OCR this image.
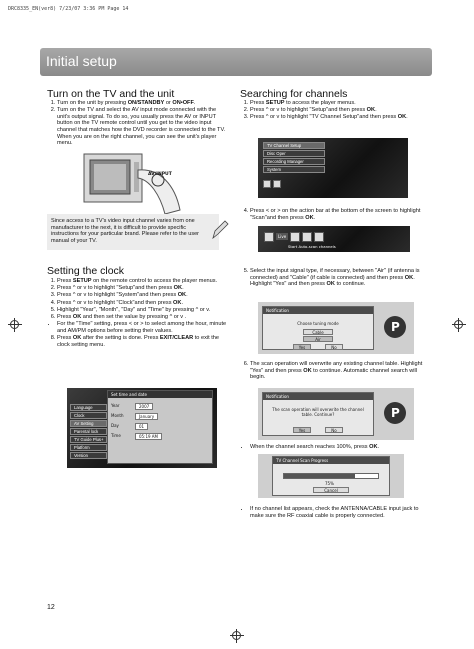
DRC8335_EN(ver8) 7/23/07 3:36 PM Page 14
Initial setup
Turn on the TV and the unit
1. Turn on the unit by pressing ON/STANDBY or ON•OFF.
2. Turn on the TV and select the AV input mode connected with the unit's output signal. To do so, you usually press the AV or INPUT button on the TV remote control until you get to the video input channel that matches how the DVD recorder is connected to the TV. When you are on the right channel, you can see the unit's player menu.
AV/INPUT
Since access to a TV's video input channel varies from one manufacturer to the next, it is difficult to provide specific instructions for your particular brand. Please refer to the user manual of your TV.
Setting the clock
1. Press SETUP on the remote control to access the player menus.
2. Press ^ or v to highlight "Setup"and then press OK.
3. Press ^ or v to highlight "System"and then press OK.
4. Press ^ or v to highlight "Clock"and then press OK.
5. Highlight "Year", "Month", "Day" and "Time" by pressing ^ or v.
6. Press OK and then set the value by pressing ^ or v .
• For the "Time" setting, press < or > to select among the hour, minute and AM/PM options before setting their values.
8. Press OK after the setting is done. Press EXIT/CLEAR to exit the clock setting menu.
Language
Clock
AV Setting
Parental lock
TV Guide Plus+
Platform
Version
Set time and date
Year	2007
Month	January
Day	01
Time	05:19 AM
Searching for channels
1. Press SETUP to access the player menus.
2. Press ^ or v to highlight "Setup"and then press OK.
3. Press ^ or v to highlight "TV Channel Setup"and then press OK.
TV Channel Setup
Disc Oper
Recording Manager
System
4. Press < or > on the action bar at the bottom of the screen to highlight "Scan"and then press OK.
Live
Start Auto-scan channels
5. Select the input signal type, if necessary, between "Air" (if antenna is connected) and "Cable" (if cable is connected) and then press OK. Highlight "Yes" and then press OK to continue.
Notification
Choose tuning mode
Cable
Air
Yes	No
P
6. The scan operation will overwrite any existing channel table. Highlight "Yes" and then press OK to continue. Automatic channel search will begin.
Notification
The scan operation will overwrite the channel table. Continue?
Yes	No
P
• When the channel search reaches 100%, press OK.
TV Channel Scan Progress
75%
Cancel
• If no channel list appears, check the ANTENNA/CABLE input jack to make sure the RF coaxial cable is properly connected.
12
